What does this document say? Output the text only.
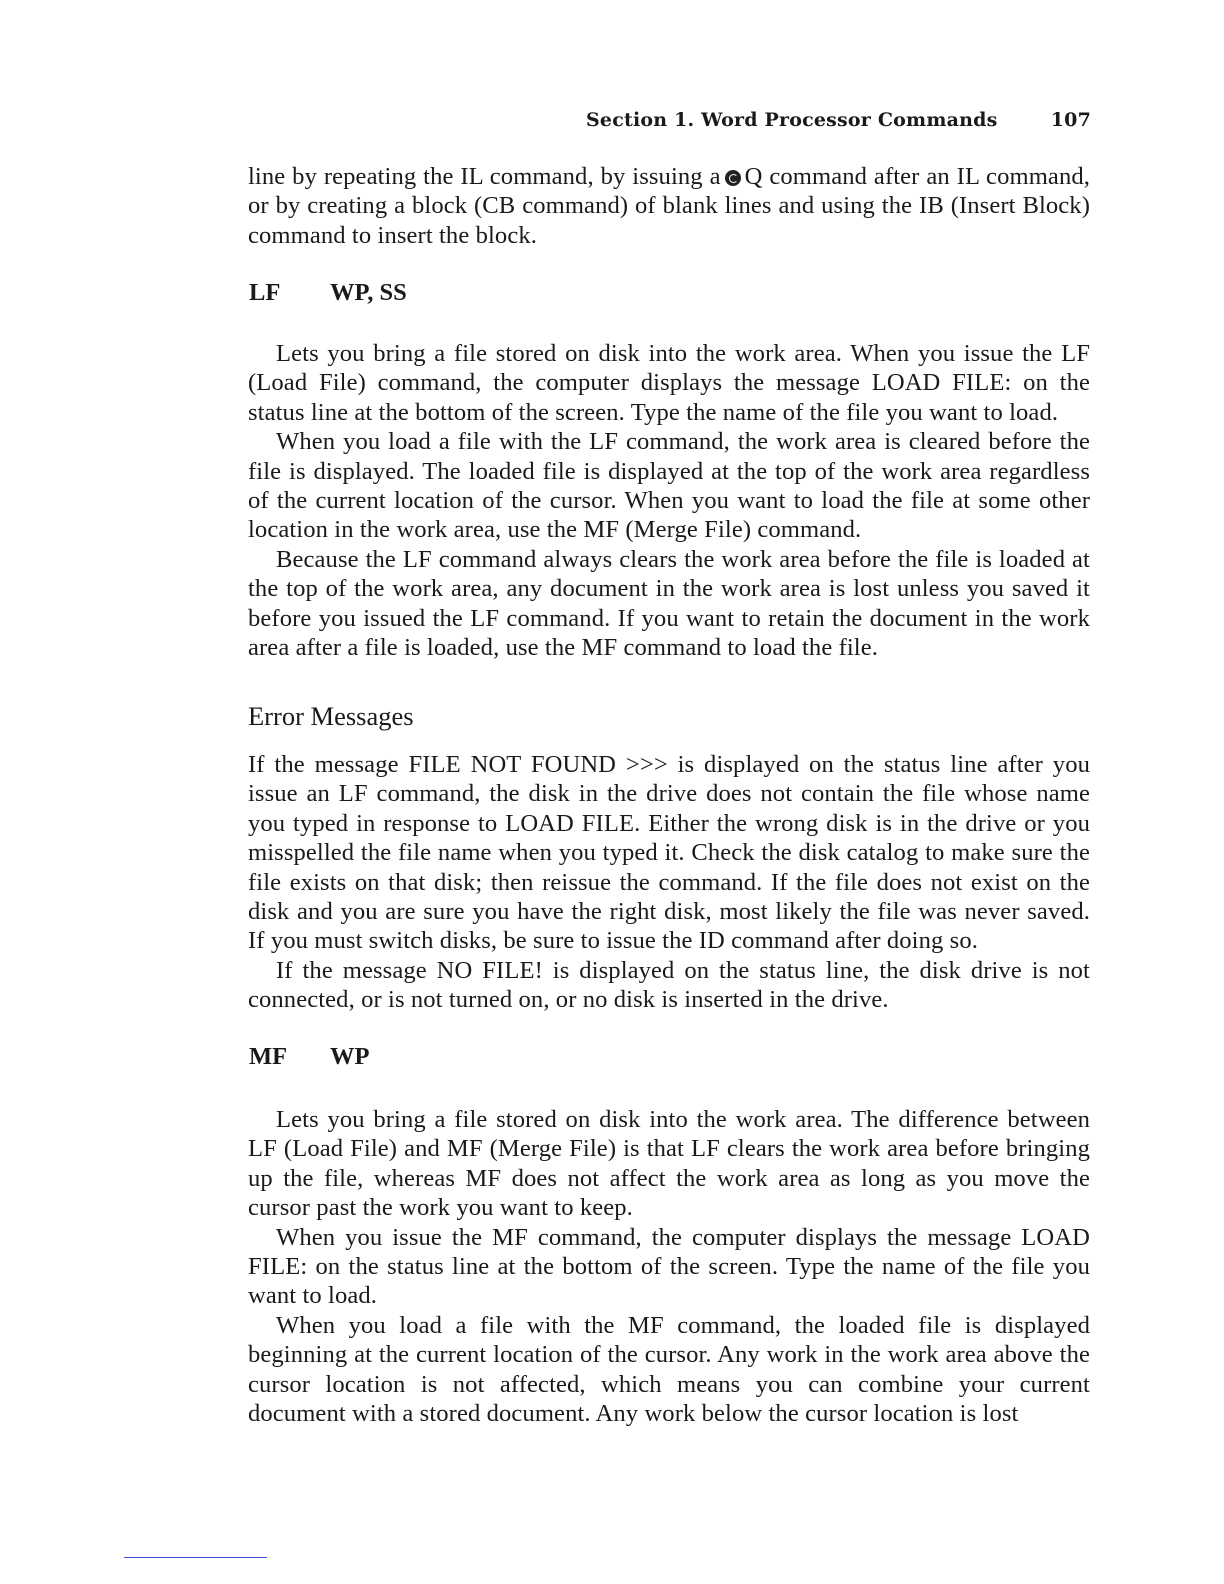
Section 1. Word Processor Commands	107

line by repeating the IL command, by issuing a Q command after an IL command, or by creating a block (CB command) of blank lines and using the IB (Insert Block) command to insert the block.

LF	WP, SS

Lets you bring a file stored on disk into the work area. When you issue the LF (Load File) command, the computer displays the message LOAD FILE: on the status line at the bottom of the screen. Type the name of the file you want to load.

When you load a file with the LF command, the work area is cleared before the file is displayed. The loaded file is displayed at the top of the work area regardless of the current location of the cursor. When you want to load the file at some other location in the work area, use the MF (Merge File) command.

Because the LF command always clears the work area before the file is loaded at the top of the work area, any document in the work area is lost unless you saved it before you issued the LF command. If you want to retain the document in the work area after a file is loaded, use the MF command to load the file.

Error Messages

If the message FILE NOT FOUND >>> is displayed on the status line after you issue an LF command, the disk in the drive does not contain the file whose name you typed in response to LOAD FILE. Either the wrong disk is in the drive or you misspelled the file name when you typed it. Check the disk catalog to make sure the file exists on that disk; then reissue the command. If the file does not exist on the disk and you are sure you have the right disk, most likely the file was never saved. If you must switch disks, be sure to issue the ID command after doing so.

If the message NO FILE! is displayed on the status line, the disk drive is not connected, or is not turned on, or no disk is inserted in the drive.

MF	WP

Lets you bring a file stored on disk into the work area. The difference between LF (Load File) and MF (Merge File) is that LF clears the work area before bringing up the file, whereas MF does not affect the work area as long as you move the cursor past the work you want to keep.

When you issue the MF command, the computer displays the message LOAD FILE: on the status line at the bottom of the screen. Type the name of the file you want to load.

When you load a file with the MF command, the loaded file is displayed beginning at the current location of the cursor. Any work in the work area above the cursor location is not affected, which means you can combine your current document with a stored document. Any work below the cursor location is lost
